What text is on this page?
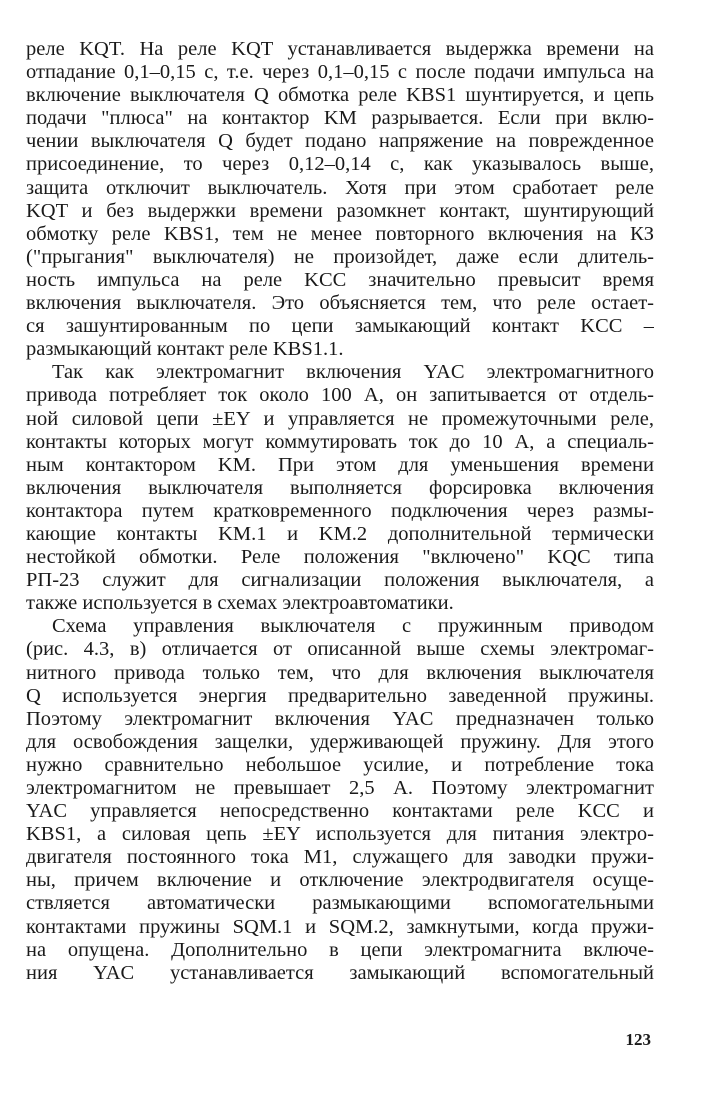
реле KQT. На реле KQT устанавливается выдержка времени на
отпадание 0,1–0,15 с, т.е. через 0,1–0,15 с после подачи импульса на
включение выключателя Q обмотка реле KBS1 шунтируется, и цепь
подачи "плюса" на контактор KM разрывается. Если при вклю-
чении выключателя Q будет подано напряжение на поврежденное
присоединение, то через 0,12–0,14 с, как указывалось выше,
защита отключит выключатель. Хотя при этом сработает реле
KQT и без выдержки времени разомкнет контакт, шунтирующий
обмотку реле KBS1, тем не менее повторного включения на КЗ
("прыгания" выключателя) не произойдет, даже если длитель-
ность импульса на реле KCC значительно превысит время
включения выключателя. Это объясняется тем, что реле остает-
ся зашунтированным по цепи замыкающий контакт KCC –
размыкающий контакт реле KBS1.1.
Так как электромагнит включения YAC электромагнитного
привода потребляет ток около 100 А, он запитывается от отдель-
ной силовой цепи ±EY и управляется не промежуточными реле,
контакты которых могут коммутировать ток до 10 А, а специаль-
ным контактором KM. При этом для уменьшения времени
включения выключателя выполняется форсировка включения
контактора путем кратковременного подключения через размы-
кающие контакты KM.1 и KM.2 дополнительной термически
нестойкой обмотки. Реле положения "включено" KQC типа
РП-23 служит для сигнализации положения выключателя, а
также используется в схемах электроавтоматики.
Схема управления выключателя с пружинным приводом
(рис. 4.3, в) отличается от описанной выше схемы электромаг-
нитного привода только тем, что для включения выключателя
Q используется энергия предварительно заведенной пружины.
Поэтому электромагнит включения YAC предназначен только
для освобождения защелки, удерживающей пружину. Для этого
нужно сравнительно небольшое усилие, и потребление тока
электромагнитом не превышает 2,5 А. Поэтому электромагнит
YAC управляется непосредственно контактами реле KCC и
KBS1, а силовая цепь ±EY используется для питания электро-
двигателя постоянного тока M1, служащего для заводки пружи-
ны, причем включение и отключение электродвигателя осуще-
ствляется автоматически размыкающими вспомогательными
контактами пружины SQM.1 и SQM.2, замкнутыми, когда пружи-
на опущена. Дополнительно в цепи электромагнита включе-
ния YAC устанавливается замыкающий вспомогательный
123
